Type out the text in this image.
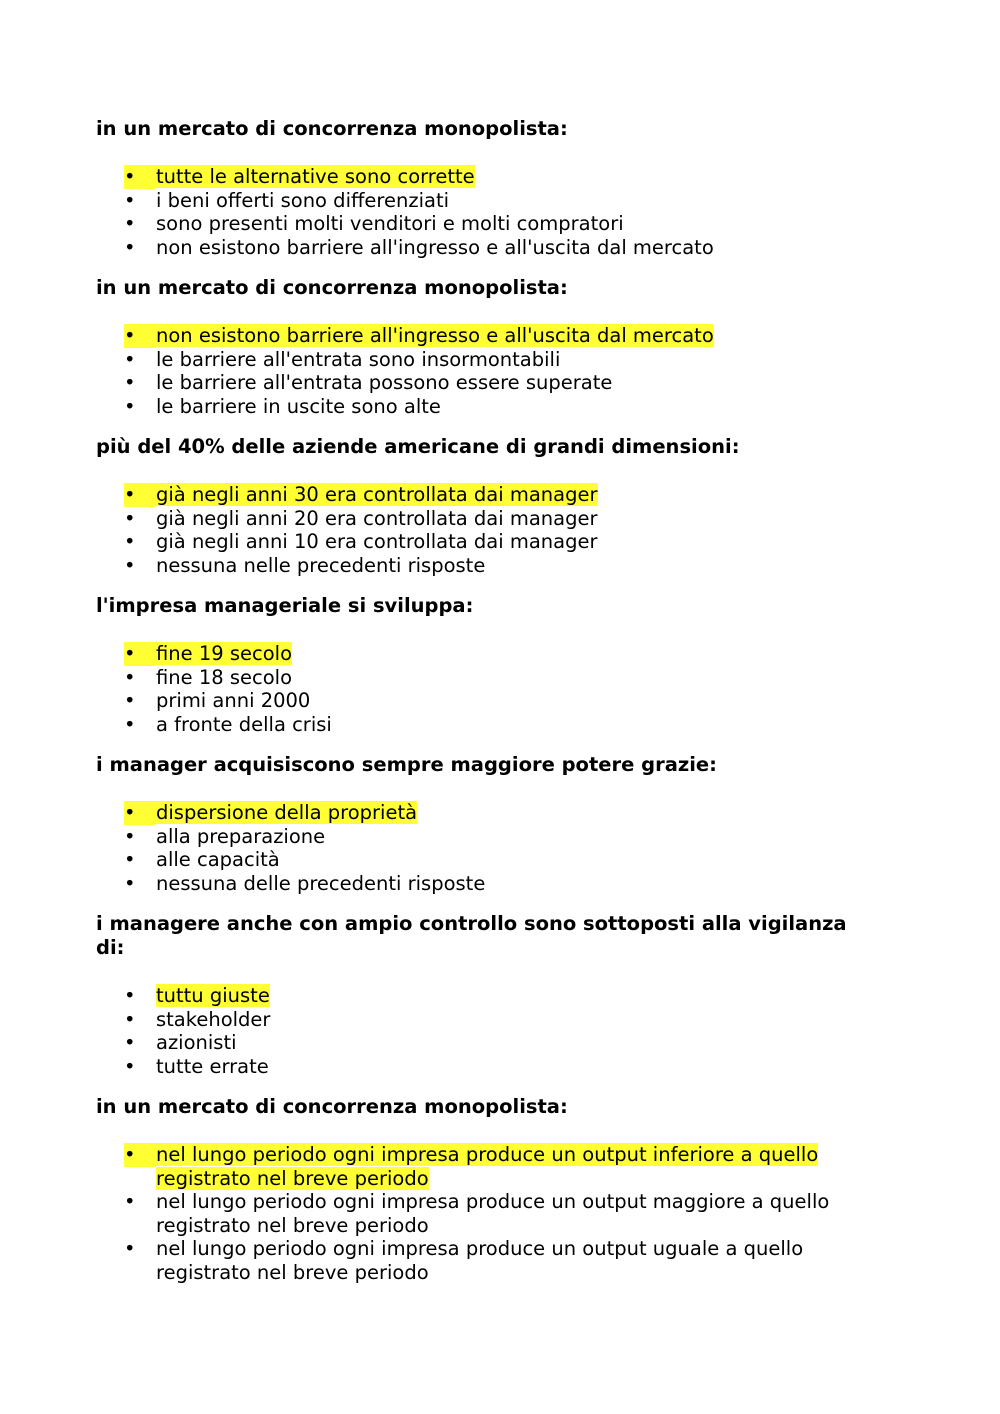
in un mercato di concorrenza monopolista:
•	tutte le alternative sono corrette
• i beni offerti sono differenziati
• sono presenti molti venditori e molti compratori
• non esistono barriere all'ingresso e all'uscita dal mercato
in un mercato di concorrenza monopolista:
•	non esistono barriere all'ingresso e all'uscita dal mercato
• le barriere all'entrata sono insormontabili
• le barriere all'entrata possono essere superate
• le barriere in uscite sono alte
più del 40% delle aziende americane di grandi dimensioni:
•	già negli anni 30 era controllata dai manager
• già negli anni 20 era controllata dai manager
• già negli anni 10 era controllata dai manager
• nessuna nelle precedenti risposte
l'impresa manageriale si sviluppa:
•	fine 19 secolo
• fine 18 secolo
• primi anni 2000
• a fronte della crisi
i manager acquisiscono sempre maggiore potere grazie:
•	dispersione della proprietà
• alla preparazione
• alle capacità
• nessuna delle precedenti risposte
i managere anche con ampio controllo sono sottoposti alla vigilanza di:
• tuttu giuste
• stakeholder
• azionisti
• tutte errate
in un mercato di concorrenza monopolista:
•	nel lungo periodo ogni impresa produce un output inferiore a quello registrato nel breve periodo
• nel lungo periodo ogni impresa produce un output maggiore a quello registrato nel breve periodo
• nel lungo periodo ogni impresa produce un output uguale a quello registrato nel breve periodo
